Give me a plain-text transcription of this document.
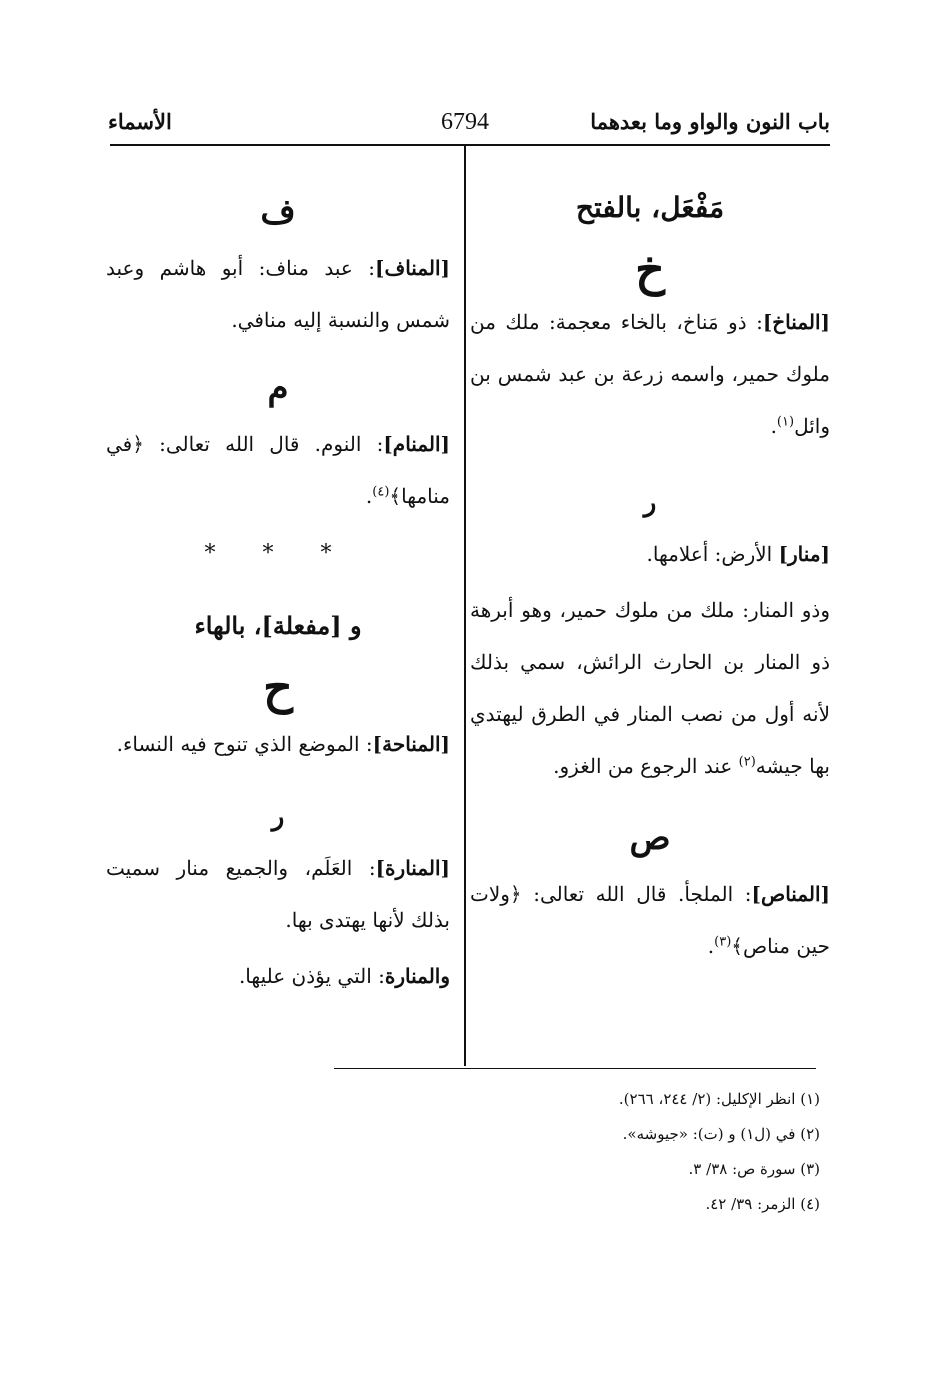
باب النون والواو وما بعدهما
6794
الأسماء

مَفْعَل، بالفتح

خ

[المناخ]: ذو مَناخ، بالخاء معجمة: ملك من ملوك حمير، واسمه زرعة بن عبد شمس بن وائل$^{(١)}$.

ر

[منار] الأرض: أعلامها.

وذو المنار: ملك من ملوك حمير، وهو أبرهة ذو المنار بن الحارث الرائش، سمي بذلك لأنه أول من نصب المنار في الطرق ليهتدي بها جيشه$^{(٢)}$ عند الرجوع من الغزو.

ص

[المناص]: الملجأ. قال الله تعالى: ﴿ولات حين مناص﴾$^{(٣)}$.

ف

[المناف]: عبد مناف: أبو هاشم وعبد شمس والنسبة إليه منافي.

م

[المنام]: النوم. قال الله تعالى: ﴿في منامها﴾$^{(٤)}$.

* * *

و [مفعلة]، بالهاء

ح

[المناحة]: الموضع الذي تنوح فيه النساء.

ر

[المنارة]: العَلَم، والجميع منار سميت بذلك لأنها يهتدى بها.

والمنارة: التي يؤذن عليها.

(١) انظر الإكليل: (٢/ ٢٤٤، ٢٦٦).
(٢) في (ل١) و (ت): «جيوشه».
(٣) سورة ص: ٣٨/ ٣.
(٤) الزمر: ٣٩/ ٤٢.
